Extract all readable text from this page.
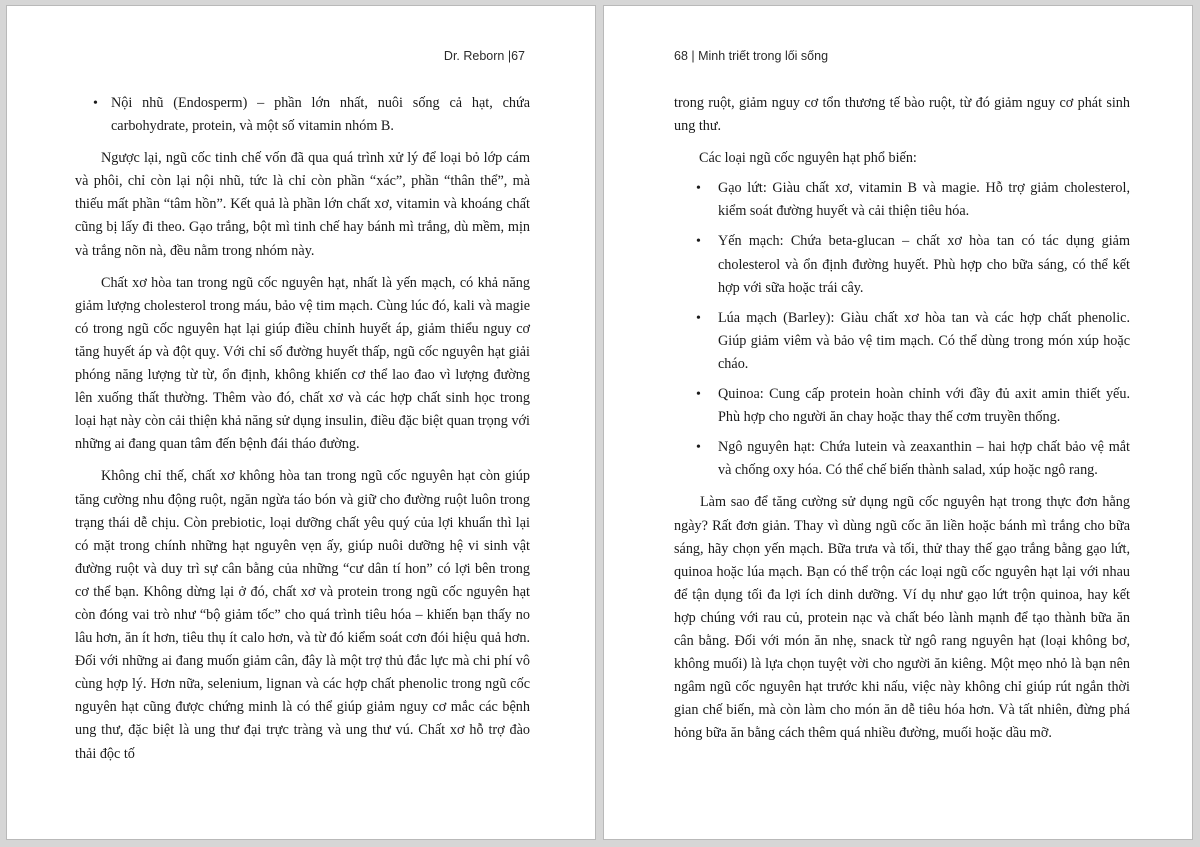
Dr. Reborn |67
• Nội nhũ (Endosperm) – phần lớn nhất, nuôi sống cả hạt, chứa carbohydrate, protein, và một số vitamin nhóm B.

Ngược lại, ngũ cốc tinh chế vốn đã qua quá trình xử lý để loại bỏ lớp cám và phôi, chỉ còn lại nội nhũ, tức là chỉ còn phần “xác”, phần “thân thể”, mà thiếu mất phần “tâm hồn”. Kết quả là phần lớn chất xơ, vitamin và khoáng chất cũng bị lấy đi theo. Gạo trắng, bột mì tinh chế hay bánh mì trắng, dù mềm, mịn và trắng nõn nà, đều nằm trong nhóm này.

Chất xơ hòa tan trong ngũ cốc nguyên hạt, nhất là yến mạch, có khả năng giảm lượng cholesterol trong máu, bảo vệ tim mạch. Cùng lúc đó, kali và magie có trong ngũ cốc nguyên hạt lại giúp điều chỉnh huyết áp, giảm thiểu nguy cơ tăng huyết áp và đột quỵ. Với chỉ số đường huyết thấp, ngũ cốc nguyên hạt giải phóng năng lượng từ từ, ổn định, không khiến cơ thể lao đao vì lượng đường lên xuống thất thường. Thêm vào đó, chất xơ và các hợp chất sinh học trong loại hạt này còn cải thiện khả năng sử dụng insulin, điều đặc biệt quan trọng với những ai đang quan tâm đến bệnh đái tháo đường.

Không chỉ thế, chất xơ không hòa tan trong ngũ cốc nguyên hạt còn giúp tăng cường nhu động ruột, ngăn ngừa táo bón và giữ cho đường ruột luôn trong trạng thái dễ chịu. Còn prebiotic, loại dưỡng chất yêu quý của lợi khuẩn thì lại có mặt trong chính những hạt nguyên vẹn ấy, giúp nuôi dưỡng hệ vi sinh vật đường ruột và duy trì sự cân bằng của những “cư dân tí hon” có lợi bên trong cơ thể bạn. Không dừng lại ở đó, chất xơ và protein trong ngũ cốc nguyên hạt còn đóng vai trò như “bộ giảm tốc” cho quá trình tiêu hóa – khiến bạn thấy no lâu hơn, ăn ít hơn, tiêu thụ ít calo hơn, và từ đó kiểm soát cơn đói hiệu quả hơn. Đối với những ai đang muốn giảm cân, đây là một trợ thủ đắc lực mà chi phí vô cùng hợp lý. Hơn nữa, selenium, lignan và các hợp chất phenolic trong ngũ cốc nguyên hạt cũng được chứng minh là có thể giúp giảm nguy cơ mắc các bệnh ung thư, đặc biệt là ung thư đại trực tràng và ung thư vú. Chất xơ hỗ trợ đào thải độc tố

68 | Minh triết trong lối sống

trong ruột, giảm nguy cơ tổn thương tế bào ruột, từ đó giảm nguy cơ phát sinh ung thư.

Các loại ngũ cốc nguyên hạt phổ biến:

• Gạo lứt: Giàu chất xơ, vitamin B và magie. Hỗ trợ giảm cholesterol, kiểm soát đường huyết và cải thiện tiêu hóa.
• Yến mạch: Chứa beta-glucan – chất xơ hòa tan có tác dụng giảm cholesterol và ổn định đường huyết. Phù hợp cho bữa sáng, có thể kết hợp với sữa hoặc trái cây.
• Lúa mạch (Barley): Giàu chất xơ hòa tan và các hợp chất phenolic. Giúp giảm viêm và bảo vệ tim mạch. Có thể dùng trong món xúp hoặc cháo.
• Quinoa: Cung cấp protein hoàn chỉnh với đầy đủ axit amin thiết yếu. Phù hợp cho người ăn chay hoặc thay thế cơm truyền thống.
• Ngô nguyên hạt: Chứa lutein và zeaxanthin – hai hợp chất bảo vệ mắt và chống oxy hóa. Có thể chế biến thành salad, xúp hoặc ngô rang.

Làm sao để tăng cường sử dụng ngũ cốc nguyên hạt trong thực đơn hằng ngày? Rất đơn giản. Thay vì dùng ngũ cốc ăn liền hoặc bánh mì trắng cho bữa sáng, hãy chọn yến mạch. Bữa trưa và tối, thử thay thế gạo trắng bằng gạo lứt, quinoa hoặc lúa mạch. Bạn có thể trộn các loại ngũ cốc nguyên hạt lại với nhau để tận dụng tối đa lợi ích dinh dưỡng. Ví dụ như gạo lứt trộn quinoa, hay kết hợp chúng với rau củ, protein nạc và chất béo lành mạnh để tạo thành bữa ăn cân bằng. Đối với món ăn nhẹ, snack từ ngô rang nguyên hạt (loại không bơ, không muối) là lựa chọn tuyệt vời cho người ăn kiêng. Một mẹo nhỏ là bạn nên ngâm ngũ cốc nguyên hạt trước khi nấu, việc này không chỉ giúp rút ngắn thời gian chế biến, mà còn làm cho món ăn dễ tiêu hóa hơn. Và tất nhiên, đừng phá hỏng bữa ăn bằng cách thêm quá nhiều đường, muối hoặc dầu mỡ.
